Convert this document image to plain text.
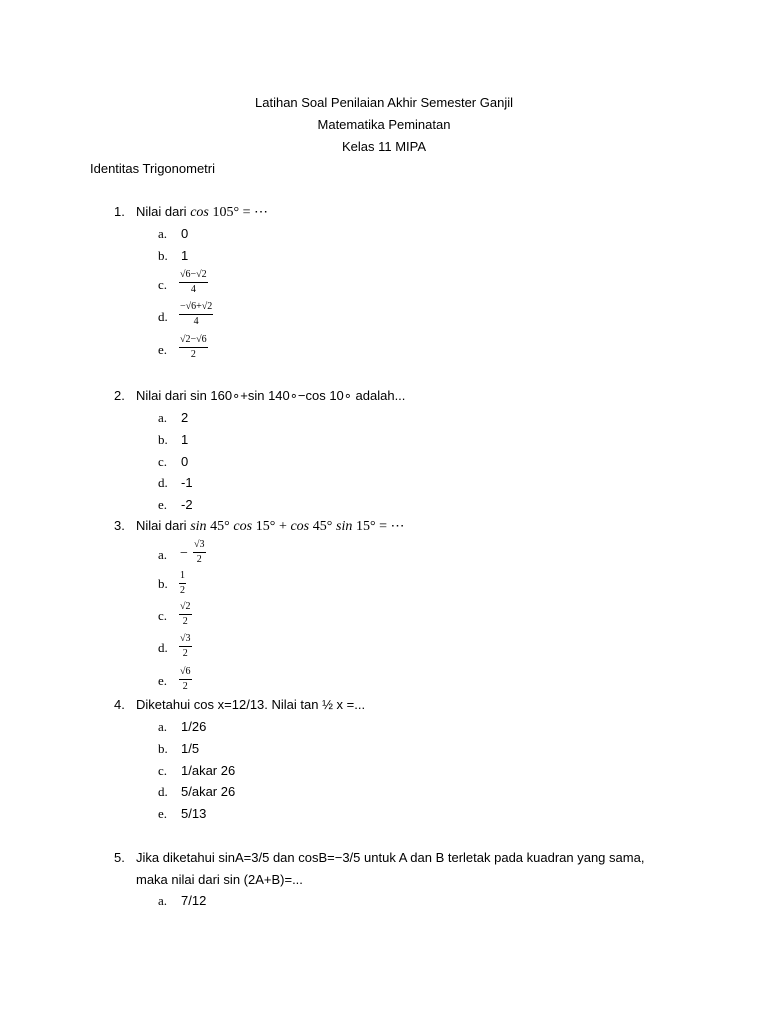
Latihan Soal Penilaian Akhir Semester Ganjil
Matematika Peminatan
Kelas 11 MIPA
Identitas Trigonometri
1. Nilai dari cos 105° = ⋯
a. 0
b. 1
c. $\frac{√6-√2}{4}$
d. $\frac{-√6+√2}{4}$
e. $\frac{√2-√6}{2}$
2. Nilai dari sin 160∘+sin 140∘−cos 10∘ adalah...
a. 2
b. 1
c. 0
d. -1
e. -2
3. Nilai dari sin 45° cos 15° + cos 45° sin 15° = ⋯
a. − $\frac{√3}{2}$
b. $\frac{1}{2}$
c. $\frac{√2}{2}$
d. $\frac{√3}{2}$
e. $\frac{√6}{2}$
4. Diketahui cos x=12/13. Nilai tan ½ x =...
a. 1/26
b. 1/5
c. 1/akar 26
d. 5/akar 26
e. 5/13
5. Jika diketahui sinA=3/5 dan cosB=−3/5 untuk A dan B terletak pada kuadran yang sama,
maka nilai dari sin (2A+B)=...
a. 7/12
